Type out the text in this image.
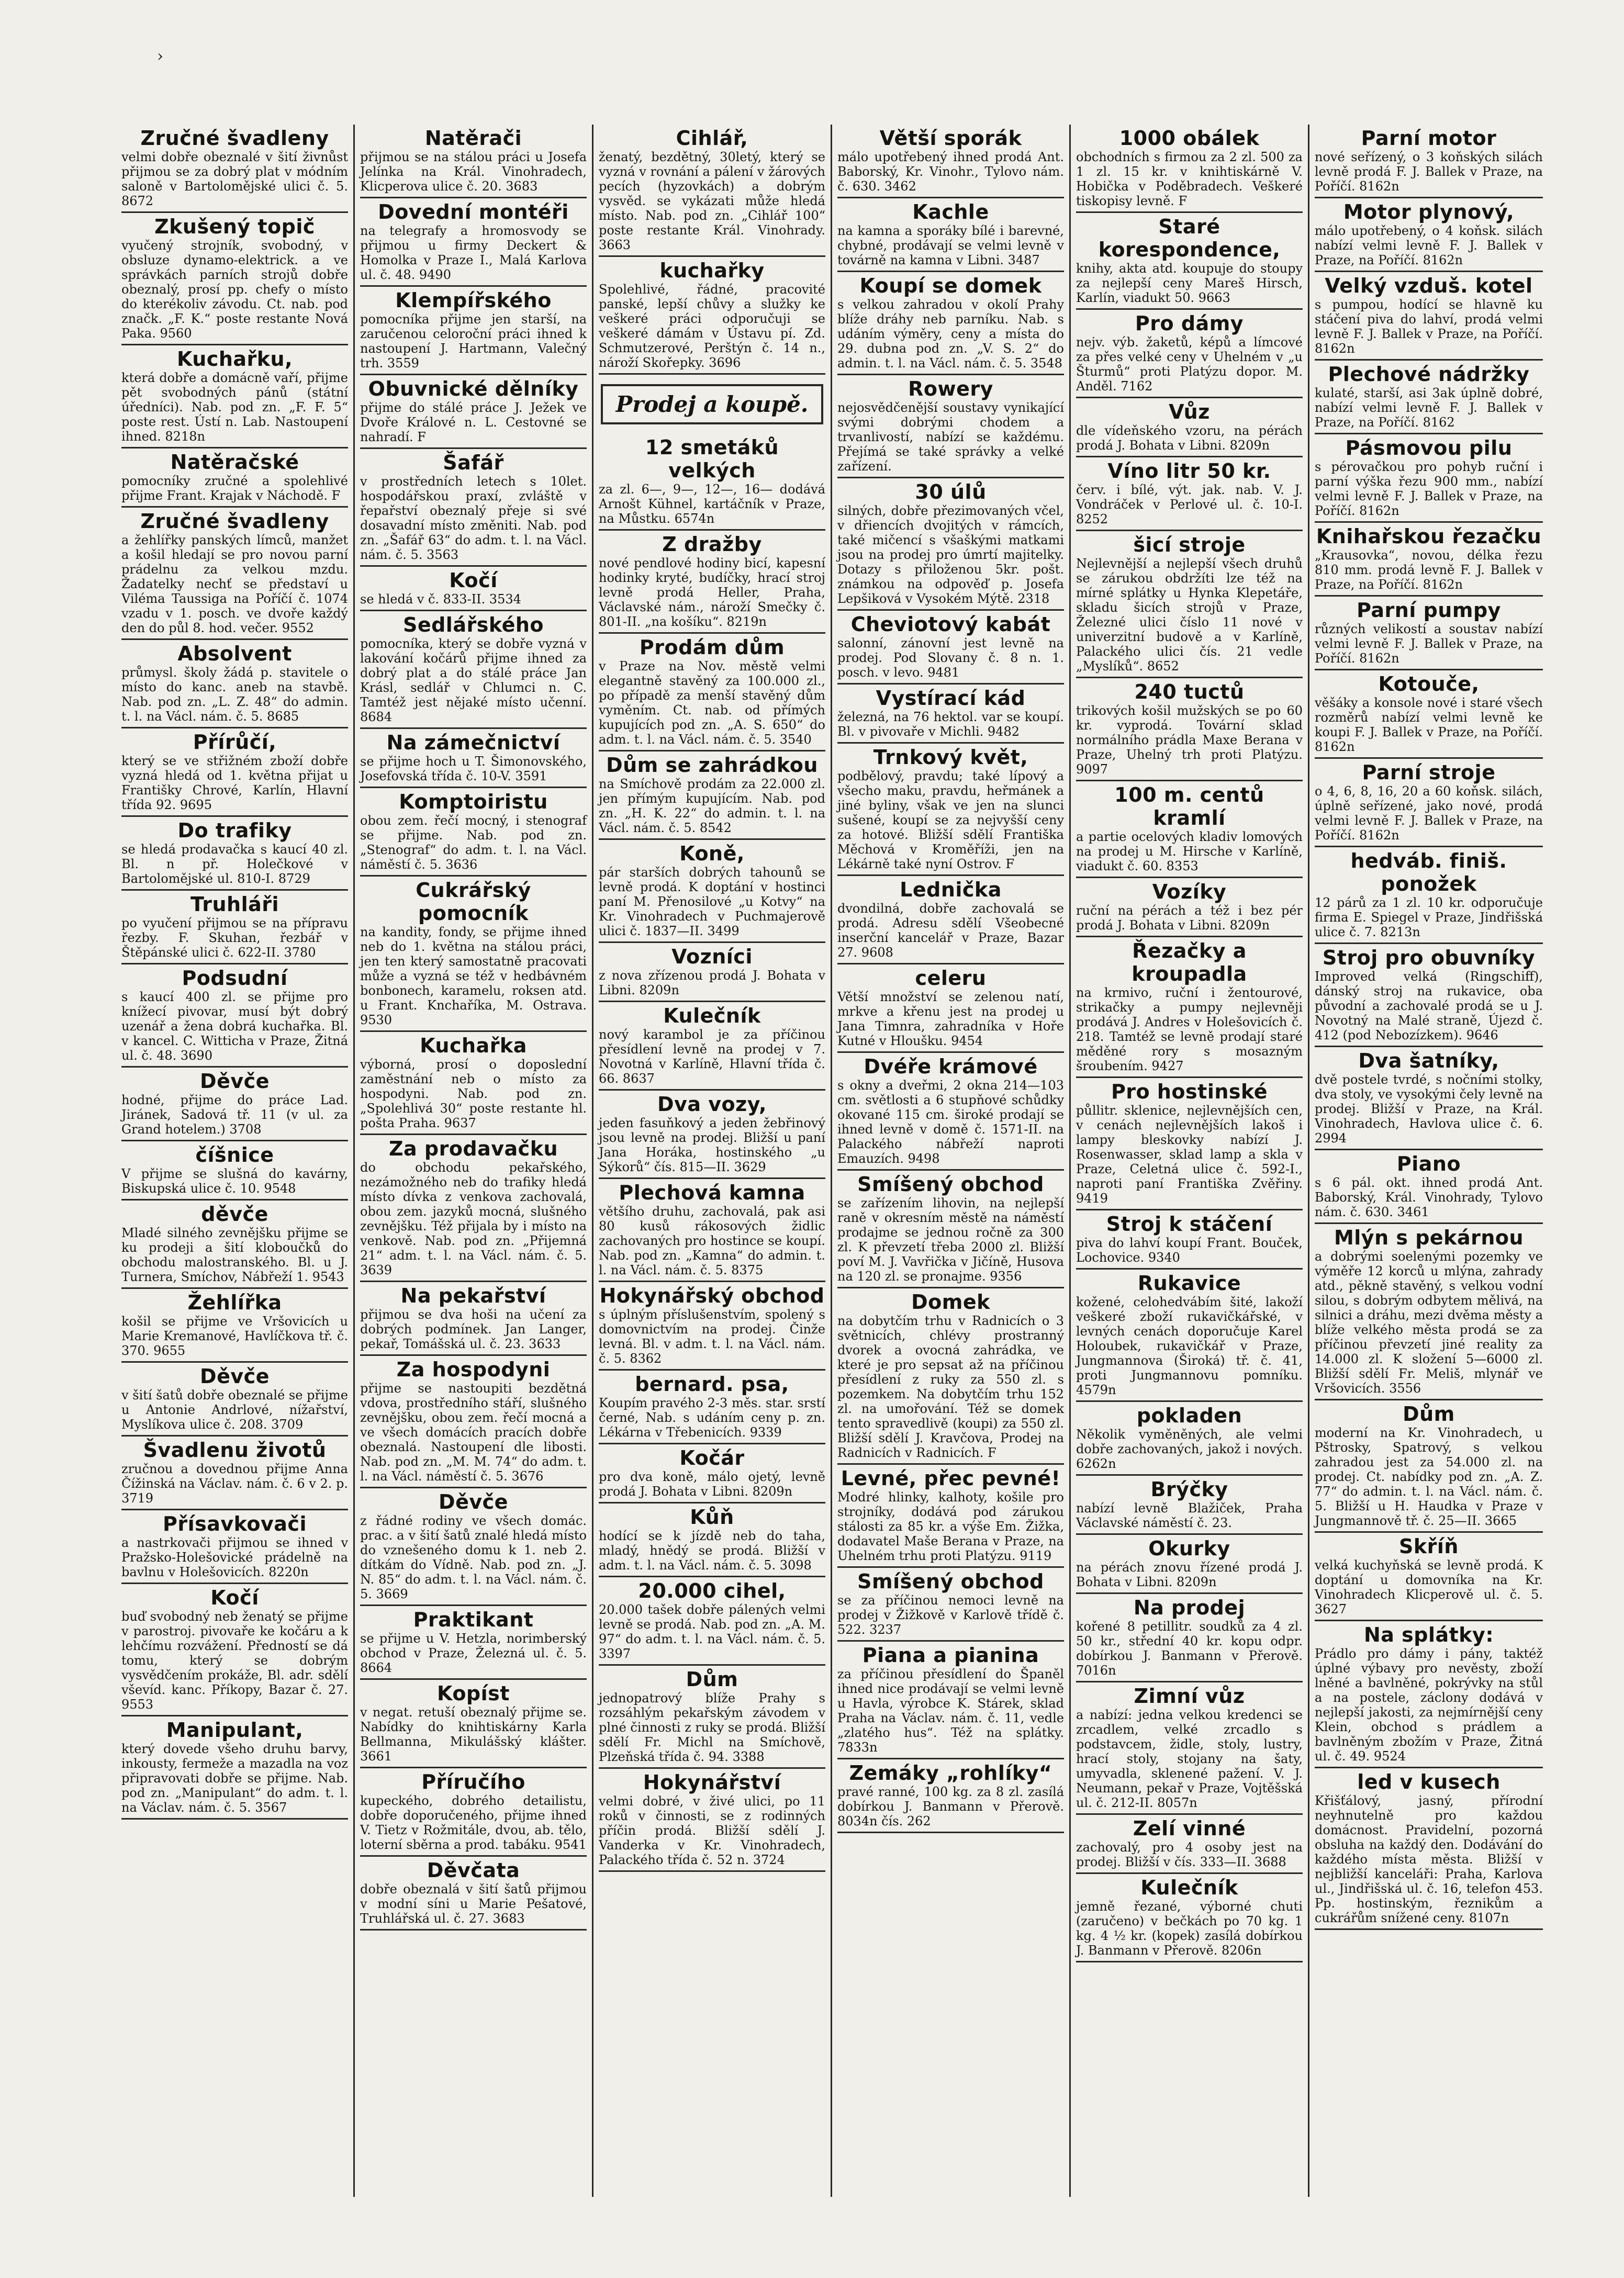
›
Zručné švadleny
velmi dobře obeznalé v šití živnůst přijmou se za dobrý plat v módním saloně v Bartolomějské ulici č. 5. 8672
Zkušený topič
vyučený strojník, svobodný, v obsluze dynamo-elektrick. a ve správkách parních strojů dobře obeznalý, prosí pp. chefy o místo do kterékoliv závodu. Ct. nab. pod značk. „F. K.“ poste restante Nová Paka. 9560
Kuchařku,
která dobře a domácně vaří, přijme pět svobodných pánů (státní úředníci). Nab. pod zn. „F. F. 5“ poste rest. Ústí n. Lab. Nastoupení ihned. 8218n
Natěračské
pomocníky zručné a spolehlivé přijme Frant. Krajak v Náchodě. F
Zručné švadleny
a žehlířky panských límců, manžet a košil hledají se pro novou parní prádelnu za velkou mzdu. Žadatelky nechť se představí u Viléma Taussiga na Poříčí č. 1074 vzadu v 1. posch. ve dvoře každý den do půl 8. hod. večer. 9552
Absolvent
průmysl. školy žádá p. stavitele o místo do kanc. aneb na stavbě. Nab. pod zn. „L. Z. 48“ do admin. t. l. na Václ. nám. č. 5. 8685
Přírůčí,
který se ve střižném zboží dobře vyzná hledá od 1. května přijat u Františky Chrové, Karlín, Hlavní třída 92. 9695
Do trafiky
se hledá prodavačka s kaucí 40 zl. Bl. n př. Holečkové v Bartolomějské ul. 810-I. 8729
Truhláři
po vyučení přijmou se na přípravu řezby. F. Skuhan, řezbář v Štěpánské ulici č. 622-II. 3780
Podsudní
s kaucí 400 zl. se přijme pro knížecí pivovar, musí být dobrý uzenář a žena dobrá kuchařka. Bl. v kancel. C. Witticha v Praze, Žitná ul. č. 48. 3690
Děvče
hodné, přijme do práce Lad. Jiránek, Sadová tř. 11 (v ul. za Grand hotelem.) 3708
číšnice
V přijme se slušná do kavárny, Biskupská ulice č. 10. 9548
děvče
Mladé silného zevnějšku přijme se ku prodeji a šití kloboučků do obchodu malostranského. Bl. u J. Turnera, Smíchov, Nábřeží 1. 9543
Žehlířka
košil se přijme ve Vršovicích u Marie Kremanové, Havlíčkova tř. č. 370. 9655
Děvče
v šití šatů dobře obeznalé se přijme u Antonie Andrlové, nížařství, Myslíkova ulice č. 208. 3709
Švadlenu životů
zručnou a dovednou přijme Anna Čížinská na Václav. nám. č. 6 v 2. p. 3719
Přísavkovači
a nastrkovači přijmou se ihned v Pražsko-Holešovické prádelně na bavlnu v Holešovicích. 8220n
Kočí
buď svobodný neb ženatý se přijme v parostroj. pivovaře ke kočáru a k lehčímu rozvážení. Předností se dá tomu, který se dobrým vysvědčením prokáže, Bl. adr. sdělí vševíd. kanc. Příkopy, Bazar č. 27. 9553
Manipulant,
který dovede všeho druhu barvy, inkousty, fermeže a mazadla na voz připravovati dobře se přijme. Nab. pod zn. „Manipulant“ do adm. t. l. na Václav. nám. č. 5. 3567
Natěrači
přijmou se na stálou práci u Josefa Jelínka na Král. Vinohradech, Klicperova ulice č. 20. 3683
Dovední montéři
na telegrafy a hromosvody se přijmou u firmy Deckert & Homolka v Praze I., Malá Karlova ul. č. 48. 9490
Klempířského
pomocníka přijme jen starší, na zaručenou celoroční práci ihned k nastoupení J. Hartmann, Valečný trh. 3559
Obuvnické dělníky
přijme do stálé práce J. Ježek ve Dvoře Králové n. L. Cestovné se nahradí. F
Šafář
v prostředních letech s 10let. hospodářskou praxí, zvláště v řepařství obeznalý přeje si své dosavadní místo změniti. Nab. pod zn. „Šafář 63“ do adm. t. l. na Václ. nám. č. 5. 3563
Kočí
se hledá v č. 833-II. 3534
Sedlářského
pomocníka, který se dobře vyzná v lakování kočárů přijme ihned za dobrý plat a do stálé práce Jan Krásl, sedlář v Chlumci n. C. Tamtéž jest nějaké místo učenní. 8684
Na zámečnictví
se přijme hoch u T. Šimonovského, Josefovská třída č. 10-V. 3591
Komptoiristu
obou zem. řečí mocný, i stenograf se přijme. Nab. pod zn. „Stenograf“ do adm. t. l. na Václ. náměstí č. 5. 3636
Cukrářský pomocník
na kandity, fondy, se přijme ihned neb do 1. května na stálou práci, jen ten který samostatně pracovati může a vyzná se též v hedbávném bonbonech, karamelu, roksen atd. u Frant. Knchaříka, M. Ostrava. 9530
Kuchařka
výborná, prosí o doposlední zaměstnání neb o místo za hospodyni. Nab. pod zn. „Spolehlivá 30“ poste restante hl. pošta Praha. 9637
Za prodavačku
do obchodu pekařského, nezámožného neb do trafiky hledá místo dívka z venkova zachovalá, obou zem. jazyků mocná, slušného zevnějšku. Též přijala by i místo na venkově. Nab. pod zn. „Přijemná 21“ adm. t. l. na Václ. nám. č. 5. 3639
Na pekařství
přijmou se dva hoši na učení za dobrých podmínek. Jan Langer, pekař, Tomášská ul. č. 23. 3633
Za hospodyni
přijme se nastoupiti bezdětná vdova, prostředního stáří, slušného zevnějšku, obou zem. řečí mocná a ve všech domácích pracích dobře obeznalá. Nastoupení dle libosti. Nab. pod zn. „M. M. 74“ do adm. t. l. na Václ. náměstí č. 5. 3676
Děvče
z řádné rodiny ve všech domác. prac. a v šití šatů znalé hledá místo do vznešeného domu k 1. neb 2. dítkám do Vídně. Nab. pod zn. „J. N. 85“ do adm. t. l. na Václ. nám. č. 5. 3669
Praktikant
se přijme u V. Hetzla, norimberský obchod v Praze, Železná ul. č. 5. 8664
Kopíst
v negat. retuší obeznalý přijme se. Nabídky do knihtiskárny Karla Bellmanna, Mikulášský klášter. 3661
Příručího
kupeckého, dobrého detailistu, dobře doporučeného, přijme ihned V. Tietz v Rožmitále, dvou, ab. tělo, loterní sběrna a prod. tabáku. 9541
Děvčata
dobře obeznalá v šití šatů přijmou v modní síni u Marie Pešatové, Truhlářská ul. č. 27. 3683
Cihlář,
ženatý, bezdětný, 30letý, který se vyzná v rovnání a pálení v žárových pecích (hyzovkách) a dobrým vysvěd. se vykázati může hledá místo. Nab. pod zn. „Cihlář 100“ poste restante Král. Vinohrady. 3663
kuchařky
Spolehlivé, řádné, pracovité panské, lepší chůvy a služky ke veškeré práci odporučuji se veškeré dámám v Ústavu pí. Zd. Schmutzerové, Perštýn č. 14 n., nároží Skořepky. 3696
Prodej a koupě.
12 smetáků velkých
za zl. 6—, 9—, 12—, 16— dodává Arnošt Kühnel, kartáčník v Praze, na Můstku. 6574n
Z dražby
nové pendlové hodiny bicí, kapesní hodinky kryté, budíčky, hrací stroj levně prodá Heller, Praha, Václavské nám., nároží Smečky č. 801-II. „na košíku“. 8219n
Prodám dům
v Praze na Nov. městě velmi elegantně stavěný za 100.000 zl., po případě za menší stavěný dům vyměním. Ct. nab. od přímých kupujících pod zn. „A. S. 650“ do adm. t. l. na Václ. nám. č. 5. 3540
Dům se zahrádkou
na Smíchově prodám za 22.000 zl. jen přímým kupujícím. Nab. pod zn. „H. K. 22“ do admin. t. l. na Václ. nám. č. 5. 8542
Koně,
pár starších dobrých tahounů se levně prodá. K doptání v hostinci paní M. Přenosilové „u Kotvy“ na Kr. Vinohradech v Puchmajerově ulici č. 1837—II. 3499
Vozníci
z nova zřízenou prodá J. Bohata v Libni. 8209n
Kulečník
nový karambol je za příčinou přesídlení levně na prodej v 7. Novotná v Karlíně, Hlavní třída č. 66. 8637
Dva vozy,
jeden fasuňkový a jeden žebřinový jsou levně na prodej. Bližší u paní Jana Horáka, hostinského „u Sýkorů“ čís. 815—II. 3629
Plechová kamna
většího druhu, zachovalá, pak asi 80 kusů rákosových židlic zachovaných pro hostince se koupí. Nab. pod zn. „Kamna“ do admin. t. l. na Václ. nám. č. 5. 8375
Hokynářský obchod
s úplným příslušenstvím, spolený s domovnictvím na prodej. Činže levná. Bl. v adm. t. l. na Václ. nám. č. 5. 8362
bernard. psa,
Koupím pravého 2-3 měs. star. srstí černé, Nab. s udáním ceny p. zn. Lékárna v Třebenicích. 9339
Kočár
pro dva koně, málo ojetý, levně prodá J. Bohata v Libni. 8209n
Kůň
hodící se k jízdě neb do taha, mladý, hnědý se prodá. Bližší v adm. t. l. na Václ. nám. č. 5. 3098
20.000 cihel,
20.000 tašek dobře pálených velmi levně se prodá. Nab. pod zn. „A. M. 97“ do adm. t. l. na Václ. nám. č. 5. 3397
Dům
jednopatrový blíže Prahy s rozsáhlým pekařským závodem v plné činnosti z ruky se prodá. Bližší sdělí Fr. Michl na Smíchově, Plzeňská třída č. 94. 3388
Hokynářství
velmi dobré, v živé ulici, po 11 roků v činnosti, se z rodinných příčin prodá. Bližší sdělí J. Vanderka v Kr. Vinohradech, Palackého třída č. 52 n. 3724
Větší sporák
málo upotřebený ihned prodá Ant. Baborský, Kr. Vinohr., Tylovo nám. č. 630. 3462
Kachle
na kamna a sporáky bílé i barevné, chybné, prodávají se velmi levně v továrně na kamna v Libni. 3487
Koupí se domek
s velkou zahradou v okolí Prahy blíže dráhy neb parníku. Nab. s udáním výměry, ceny a místa do 29. dubna pod zn. „V. S. 2“ do admin. t. l. na Václ. nám. č. 5. 3548
Rowery
nejosvědčenější soustavy vynikající svými dobrými chodem a trvanlivostí, nabízí se každému. Přejímá se také správky a velké zařízení.
30 úlů
silných, dobře přezimovaných včel, v dřiencích dvojitých v rámcích, také mičencí s všaškými matkami jsou na prodej pro úmrtí majitelky. Dotazy s přiloženou 5kr. pošt. známkou na odpověď p. Josefa Lepšiková v Vysokém Mýtě. 2318
Cheviotový kabát
salonní, zánovní jest levně na prodej. Pod Slovany č. 8 n. 1. posch. v levo. 9481
Vystírací kád
železná, na 76 hektol. var se koupí. Bl. v pivovaře v Michli. 9482
Trnkový květ,
podbělový, pravdu; také lípový a všecho maku, pravdu, heřmánek a jiné byliny, však ve jen na slunci sušené, koupí se za nejvyšší ceny za hotové. Bližší sdělí Františka Měchová v Kroměříži, jen na Lékárně také nyní Ostrov. F
Lednička
dvondilná, dobře zachovalá se prodá. Adresu sdělí Všeobecné inserční kancelář v Praze, Bazar 27. 9608
celeru
Větší množství se zelenou natí, mrkve a křenu jest na prodej u Jana Timnra, zahradníka v Hoře Kutné v Hloušku. 9454
Dvéře krámové
s okny a dveřmi, 2 okna 214—103 cm. světlosti a 6 stupňové schůdky okované 115 cm. široké prodají se ihned levně v domě č. 1571-II. na Palackého nábřeží naproti Emauzích. 9498
Smíšený obchod
se zařízením lihovin, na nejlepší raně v okresním městě na náměstí prodajme se jednou ročně za 300 zl. K převzetí třeba 2000 zl. Bližší poví M. J. Vavřička v Jičíně, Husova na 120 zl. se pronajme. 9356
Domek
na dobytčím trhu v Radnicích o 3 světnicích, chlévy prostranný dvorek a ovocná zahrádka, ve které je pro sepsat až na příčinou přesídlení z ruky za 550 zl. s pozemkem. Na dobytčím trhu 152 zl. na umořování. Též se domek tento spravedlivě (koupi) za 550 zl. Bližší sdělí J. Kravčova, Prodej na Radnicích v Radnicích. F
Levné, přec pevné!
Modré hlinky, kalhoty, košile pro strojníky, dodává pod zárukou stálosti za 85 kr. a výše Em. Žižka, dodavatel Maše Berana v Praze, na Uhelném trhu proti Platýzu. 9119
Smíšený obchod
se za příčinou nemoci levně na prodej v Žižkově v Karlově třídě č. 522. 3237
Piana a pianina
za příčinou přesídlení do Španěl ihned nice prodávají se velmi levně u Havla, výrobce K. Stárek, sklad Praha na Václav. nám. č. 11, vedle „zlatého hus“. Též na splátky. 7833n
Zemáky „rohlíky“
pravé ranné, 100 kg. za 8 zl. zasílá dobírkou J. Banmann v Přerově. 8034n čís. 262
1000 obálek
obchodních s firmou za 2 zl. 500 za 1 zl. 15 kr. v knihtiskárně V. Hobička v Poděbradech. Veškeré tiskopisy levně. F
Staré korespondence,
knihy, akta atd. koupuje do stoupy za nejlepší ceny Mareš Hirsch, Karlín, viadukt 50. 9663
Pro dámy
nejv. výb. žaketů, képů a límcové za přes velké ceny v Uhelném v „u Šturmů“ proti Platýzu dopor. M. Anděl. 7162
Vůz
dle vídeňského vzoru, na pérách prodá J. Bohata v Libni. 8209n
Víno litr 50 kr.
červ. i bílé, výt. jak. nab. V. J. Vondráček v Perlové ul. č. 10-I. 8252
šicí stroje
Nejlevnější a nejlepší všech druhů se zárukou obdržíti lze též na mírné splátky u Hynka Klepetáře, skladu šicích strojů v Praze, Železné ulici číslo 11 nové v univerzitní budově a v Karlíně, Palackého ulici čís. 21 vedle „Myslíků“. 8652
240 tuctů
trikových košil mužských se po 60 kr. vyprodá. Tovární sklad normálního prádla Maxe Berana v Praze, Uhelný trh proti Platýzu. 9097
100 m. centů kramlí
a partie ocelových kladiv lomových na prodej u M. Hirsche v Karlíně, viadukt č. 60. 8353
Vozíky
ruční na pérách a též i bez pér prodá J. Bohata v Libni. 8209n
Řezačky a kroupadla
na krmivo, ruční i žentourové, strikačky a pumpy nejlevněji prodává J. Andres v Holešovicích č. 218. Tamtéž se levně prodají staré měděné rory s mosazným šroubením. 9427
Pro hostinské
půllitr. sklenice, nejlevnějších cen, v cenách nejlevnějších lakoš i lampy bleskovky nabízí J. Rosenwasser, sklad lamp a skla v Praze, Celetná ulice č. 592-I., naproti paní Františka Zvěřiny. 9419
Stroj k stáčení
piva do lahví koupí Frant. Bouček, Lochovice. 9340
Rukavice
kožené, celohedvábím šité, lakoží veškeré zboží rukavičkářské, v levných cenách doporučuje Karel Holoubek, rukavičkář v Praze, Jungmannova (Široká) tř. č. 41, proti Jungmannovu pomníku. 4579n
pokladen
Několik vyměněných, ale velmi dobře zachovaných, jakož i nových. 6262n
Brýčky
nabízí levně Blažiček, Praha Václavské náměstí č. 23.
Okurky
na pérách znovu řízené prodá J. Bohata v Libni. 8209n
Na prodej
kořené 8 petillitr. soudků za 4 zl. 50 kr., střední 40 kr. kopu odpr. dobírkou J. Banmann v Přerově. 7016n
Zimní vůz
a nabízí: jedna velkou kredenci se zrcadlem, velké zrcadlo s podstavcem, židle, stoly, lustry, hrací stoly, stojany na šaty, umyvadla, sklenené pažení. V. J. Neumann, pekař v Praze, Vojtěšská ul. č. 212-II. 8057n
Zelí vinné
zachovalý, pro 4 osoby jest na prodej. Bližší v čís. 333—II. 3688
Kulečník
jemně řezané, výborné chuti (zaručeno) v bečkách po 70 kg. 1 kg. 4 ½ kr. (kopek) zasílá dobírkou J. Banmann v Přerově. 8206n
Parní motor
nové seřízený, o 3 koňských silách levně prodá F. J. Ballek v Praze, na Poříčí. 8162n
Motor plynový,
málo upotřebený, o 4 koňsk. silách nabízí velmi levně F. J. Ballek v Praze, na Poříčí. 8162n
Velký vzduš. kotel
s pumpou, hodící se hlavně ku stáčení piva do lahví, prodá velmi levně F. J. Ballek v Praze, na Poříčí. 8162n
Plechové nádržky
kulaté, starší, asi 3ak úplně dobré, nabízí velmi levně F. J. Ballek v Praze, na Poříčí. 8162
Pásmovou pilu
s pérovačkou pro pohyb ruční i parní výška řezu 900 mm., nabízí velmi levně F. J. Ballek v Praze, na Poříčí. 8162n
Knihařskou řezačku
„Krausovka“, novou, délka řezu 810 mm. prodá levně F. J. Ballek v Praze, na Poříčí. 8162n
Parní pumpy
různých velikostí a soustav nabízí velmi levně F. J. Ballek v Praze, na Poříčí. 8162n
Kotouče,
věšáky a konsole nové i staré všech rozměrů nabízí velmi levně ke koupi F. J. Ballek v Praze, na Poříčí. 8162n
Parní stroje
o 4, 6, 8, 16, 20 a 60 koňsk. silách, úplně seřízené, jako nové, prodá velmi levně F. J. Ballek v Praze, na Poříčí. 8162n
hedváb. finiš. ponožek
12 párů za 1 zl. 10 kr. odporučuje firma E. Spiegel v Praze, Jindřišská ulice č. 7. 8213n
Stroj pro obuvníky
Improved velká (Ringschiff), dánský stroj na rukavice, oba původní a zachovalé prodá se u J. Novotný na Malé straně, Újezd č. 412 (pod Nebozízkem). 9646
Dva šatníky,
dvě postele tvrdé, s nočními stolky, dva stoly, ve vysokými čely levně na prodej. Bližší v Praze, na Král. Vinohradech, Havlova ulice č. 6. 2994
Piano
s 6 pál. okt. ihned prodá Ant. Baborský, Král. Vinohrady, Tylovo nám. č. 630. 3461
Mlýn s pekárnou
a dobrými soelenými pozemky ve výměře 12 korců u mlýna, zahrady atd., pěkně stavěný, s velkou vodní silou, s dobrým odbytem mělivá, na silnici a dráhu, mezi dvěma městy a blíže velkého města prodá se za příčinou převzetí jiné reality za 14.000 zl. K složení 5—6000 zl. Bližší sdělí Fr. Meliš, mlynář ve Vršovicích. 3556
Dům
moderní na Kr. Vinohradech, u Pštrosky, Spatrový, s velkou zahradou jest za 54.000 zl. na prodej. Ct. nabídky pod zn. „A. Z. 77“ do admin. t. l. na Václ. nám. č. 5. Bližší u H. Haudka v Praze v Jungmannově tř. č. 25—II. 3665
Skříň
velká kuchyňská se levně prodá. K doptání u domovníka na Kr. Vinohradech Klicperově ul. č. 5. 3627
Na splátky:
Prádlo pro dámy i pány, taktéž úplné výbavy pro nevěsty, zboží lněné a bavlněné, pokrývky na stůl a na postele, záclony dodává v nejlepší jakosti, za nejmírnější ceny Klein, obchod s prádlem a bavlněným zbožím v Praze, Žitná ul. č. 49. 9524
led v kusech
Křišťálový, jasný, přírodní neyhnutelně pro každou domácnost. Pravidelní, pozorná obsluha na každý den. Dodávání do každého místa města. Bližší v nejbližší kanceláři: Praha, Karlova ul., Jindřišská ul. č. 16, telefon 453. Pp. hostinským, řeznikům a cukrářům snížené ceny. 8107n
